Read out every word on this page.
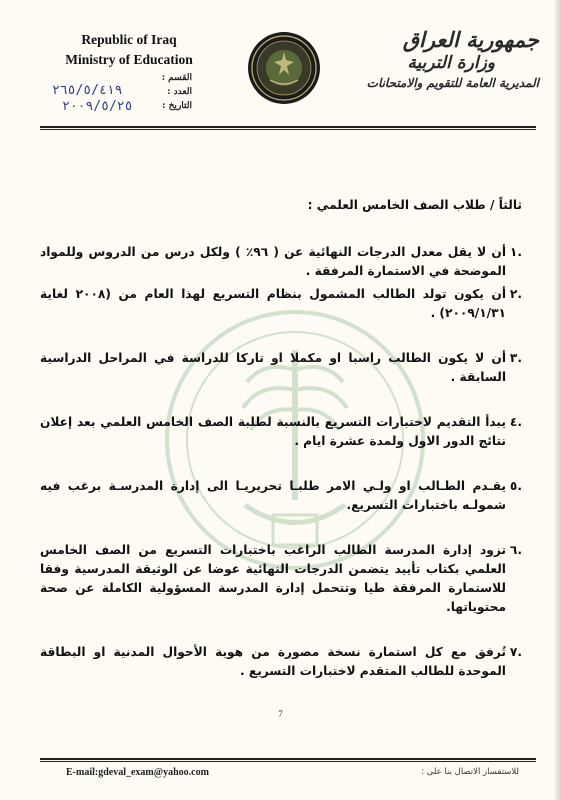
Republic of Iraq
Ministry of Education
جمهورية العراق
وزارة التربية
المديرية العامة للتقويم والامتحانات
القسم :
٢٦٥/٥/٤١٩	العدد :
٢٠٠٩/٥/٢٥	التاريخ :
ثالثاً / طلاب الصف الخامس العلمي :
.١
أن لا يقل معدل الدرجات النهائية عن ( ٩٦٪ ) ولكل درس من الدروس وللمواد الموضحة في الاستمارة المرفقة .
.٢
أن يكون تولد الطالب المشمول بنظام التسريع لهذا العام من (٢٠٠٨ لغاية ٢٠٠٩/١/٣١) .
.٣
أن لا يكون الطالب راسبا او مكملا او تاركا للدراسة في المراحل الدراسية السابقة .
.٤
يبدأ التقديم لاختبارات التسريع بالنسبة لطلبة الصف الخامس العلمي بعد إعلان نتائج الدور الاول ولمدة عشرة ايام .
.٥
يقـدم الطـالب او ولـي الامر طلبـا تحريريـا الى إدارة المدرسـة برغب فيه شمولـه باختبارات التسريع.
.٦
تزود إدارة المدرسة الطالب الراغب باختبارات التسريع من الصف الخامس العلمي بكتاب تأييد يتضمن الدرجات النهائية عوضا عن الوثيقة المدرسية وفقا للاستمارة المرفقة طيا وتتحمل إدارة المدرسة المسؤولية الكاملة عن صحة محتوياتها.
.٧
تُرفق مع كل استمارة نسخة مصورة من هوية الأحوال المدنية او البطاقة الموحدة للطالب المتقدم لاختبارات التسريع .
7
E-mail:gdeval_exam@yahoo.com	للاستفسار الاتصال بنا على :
